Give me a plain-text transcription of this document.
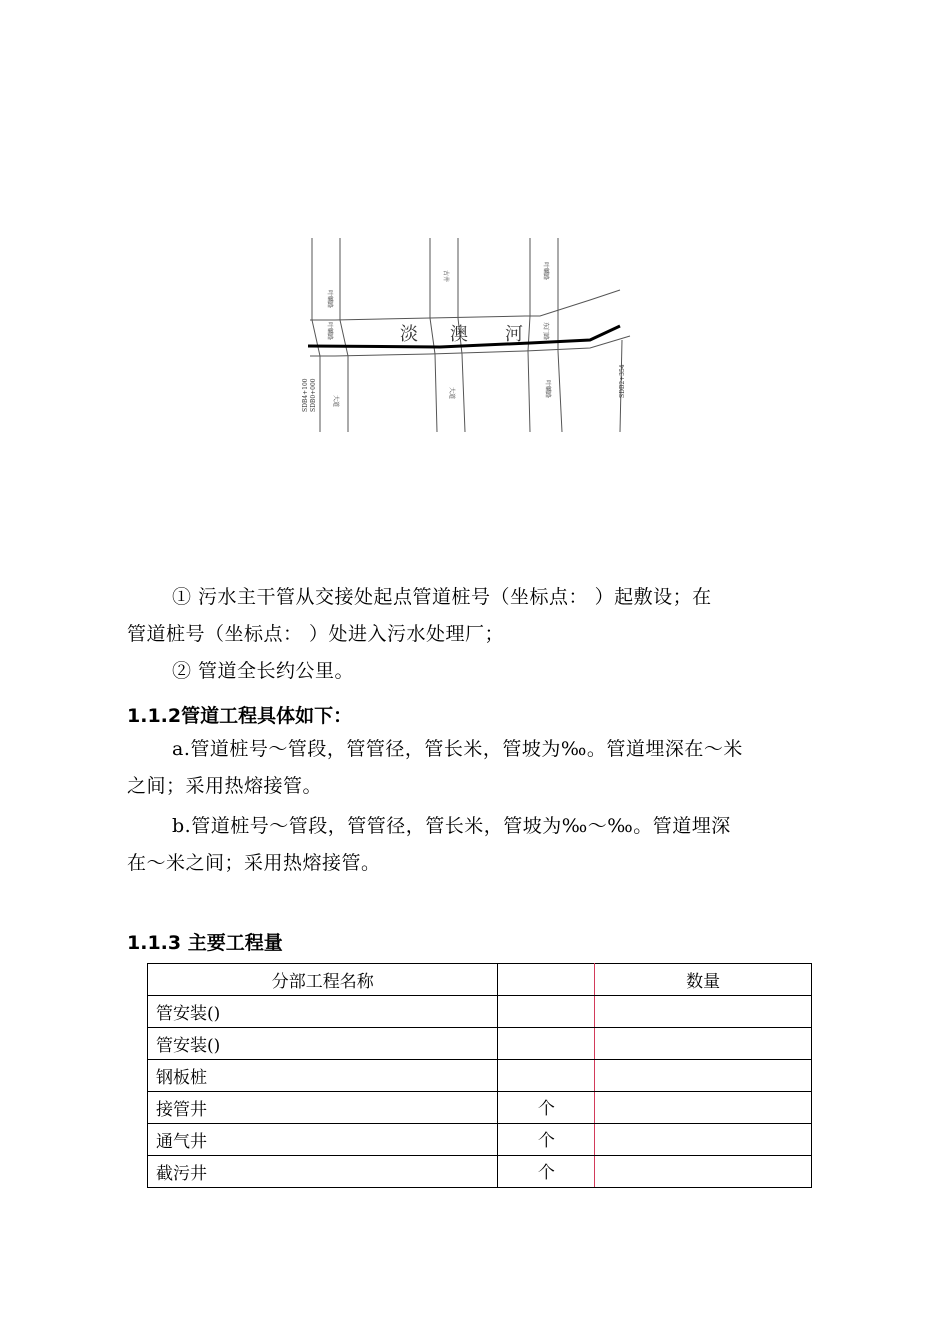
淡 澳 河
叶麟路
古井	叶麟路
叶麟路	东门路
大道
大道	叶麟路
SDB4+100 SDB0+000	SDB2+354
① 污水主干管从交接处起点管道桩号（坐标点： ）起敷设；在
管道桩号（坐标点： ）处进入污水处理厂；
② 管道全长约公里。
1.1.2管道工程具体如下：
a.管道桩号～管段，管管径，管长米，管坡为‰。管道埋深在～米
之间；采用热熔接管。
b.管道桩号～管段，管管径，管长米，管坡为‰～‰。管道埋深
在～米之间；采用热熔接管。
1.1.3 主要工程量
分部工程名称		数量
管安装()		
管安装()		
钢板桩		
接管井	个	
通气井	个	
截污井	个	
